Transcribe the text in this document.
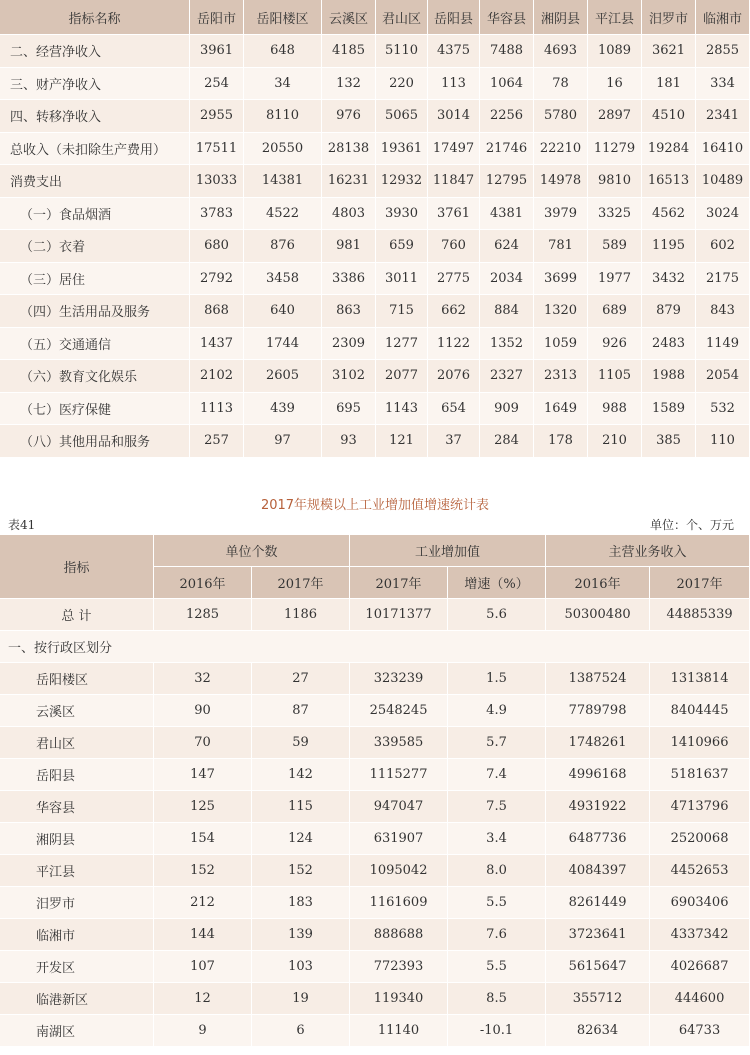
指标名称	岳阳市	岳阳楼区	云溪区	君山区	岳阳县	华容县	湘阴县	平江县	汨罗市	临湘市
二、经营净收入	3961	648	4185	5110	4375	7488	4693	1089	3621	2855
三、财产净收入	254	34	132	220	113	1064	78	16	181	334
四、转移净收入	2955	8110	976	5065	3014	2256	5780	2897	4510	2341
总收入（未扣除生产费用）	17511	20550	28138	19361	17497	21746	22210	11279	19284	16410
消费支出	13033	14381	16231	12932	11847	12795	14978	9810	16513	10489
（一）食品烟酒	3783	4522	4803	3930	3761	4381	3979	3325	4562	3024
（二）衣着	680	876	981	659	760	624	781	589	1195	602
（三）居住	2792	3458	3386	3011	2775	2034	3699	1977	3432	2175
（四）生活用品及服务	868	640	863	715	662	884	1320	689	879	843
（五）交通通信	1437	1744	2309	1277	1122	1352	1059	926	2483	1149
（六）教育文化娱乐	2102	2605	3102	2077	2076	2327	2313	1105	1988	2054
（七）医疗保健	1113	439	695	1143	654	909	1649	988	1589	532
（八）其他用品和服务	257	97	93	121	37	284	178	210	385	110
2017年规模以上工业增加值增速统计表
表41	单位：个、万元
指标	单位个数		工业增加值		主营业务收入	
	2016年	2017年	2017年	增速（%）	2016年	2017年
总 计	1285	1186	10171377	5.6	50300480	44885339
一、按行政区划分						
岳阳楼区	32	27	323239	1.5	1387524	1313814
云溪区	90	87	2548245	4.9	7789798	8404445
君山区	70	59	339585	5.7	1748261	1410966
岳阳县	147	142	1115277	7.4	4996168	5181637
华容县	125	115	947047	7.5	4931922	4713796
湘阴县	154	124	631907	3.4	6487736	2520068
平江县	152	152	1095042	8.0	4084397	4452653
汨罗市	212	183	1161609	5.5	8261449	6903406
临湘市	144	139	888688	7.6	3723641	4337342
开发区	107	103	772393	5.5	5615647	4026687
临港新区	12	19	119340	8.5	355712	444600
南湖区	9	6	11140	-10.1	82634	64733
